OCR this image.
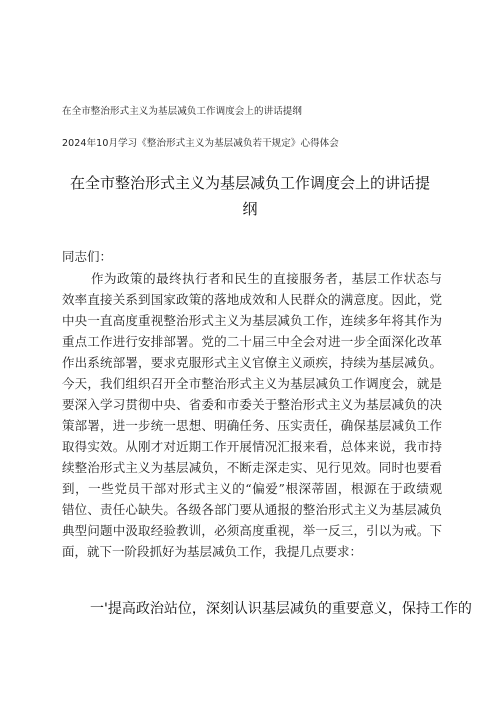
在全市整治形式主义为基层减负工作调度会上的讲话提纲
2024年10月学习《整治形式主义为基层减负若干规定》心得体会
在全市整治形式主义为基层减负工作调度会上的讲话提
纲
同志们：
作为政策的最终执行者和民生的直接服务者，基层工作状态与
效率直接关系到国家政策的落地成效和人民群众的满意度。因此，党
中央一直高度重视整治形式主义为基层减负工作，连续多年将其作为
重点工作进行安排部署。党的二十届三中全会对进一步全面深化改革
作出系统部署，要求克服形式主义官僚主义顽疾，持续为基层减负。
今天，我们组织召开全市整治形式主义为基层减负工作调度会，就是
要深入学习贯彻中央、省委和市委关于整治形式主义为基层减负的决
策部署，进一步统一思想、明确任务、压实责任，确保基层减负工作
取得实效。从刚才对近期工作开展情况汇报来看，总体来说，我市持
续整治形式主义为基层减负，不断走深走实、见行见效。同时也要看
到，一些党员干部对形式主义的“偏爱”根深蒂固，根源在于政绩观
错位、责任心缺失。各级各部门要从通报的整治形式主义为基层减负
典型问题中汲取经验教训，必须高度重视，举一反三，引以为戒。下
面，就下一阶段抓好为基层减负工作，我提几点要求：
一'提高政治站位，深刻认识基层减负的重要意义，保持工作的
